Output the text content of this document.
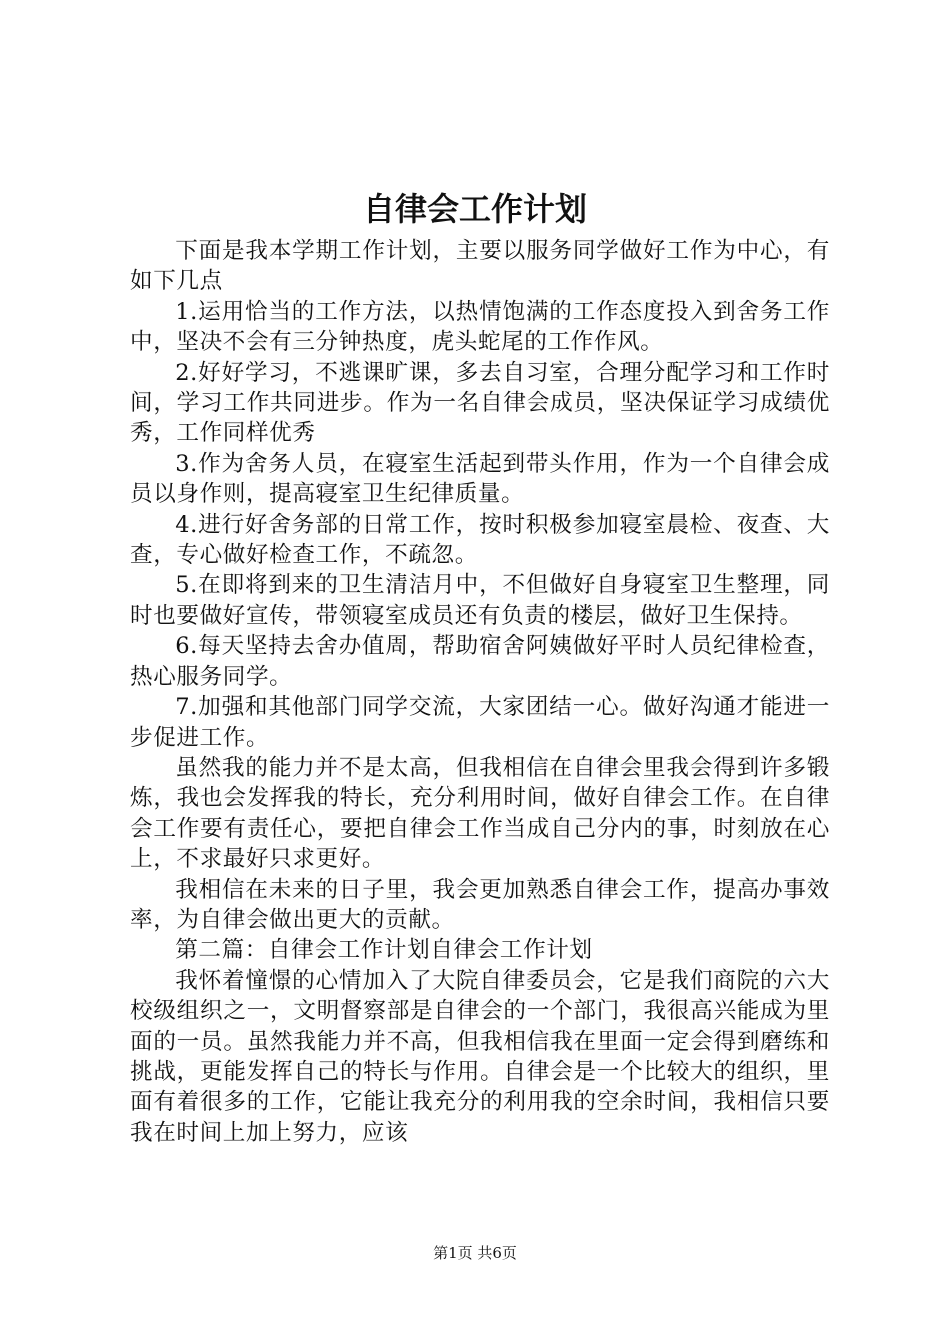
自律会工作计划

下面是我本学期工作计划，主要以服务同学做好工作为中心，有如下几点

1.运用恰当的工作方法，以热情饱满的工作态度投入到舍务工作中，坚决不会有三分钟热度，虎头蛇尾的工作作风。

2.好好学习，不逃课旷课，多去自习室，合理分配学习和工作时间，学习工作共同进步。作为一名自律会成员，坚决保证学习成绩优秀，工作同样优秀

3.作为舍务人员，在寝室生活起到带头作用，作为一个自律会成员以身作则，提高寝室卫生纪律质量。

4.进行好舍务部的日常工作，按时积极参加寝室晨检、夜查、大查，专心做好检查工作，不疏忽。

5.在即将到来的卫生清洁月中，不但做好自身寝室卫生整理，同时也要做好宣传，带领寝室成员还有负责的楼层，做好卫生保持。

6.每天坚持去舍办值周，帮助宿舍阿姨做好平时人员纪律检查，热心服务同学。

7.加强和其他部门同学交流，大家团结一心。做好沟通才能进一步促进工作。

虽然我的能力并不是太高，但我相信在自律会里我会得到许多锻炼，我也会发挥我的特长，充分利用时间，做好自律会工作。在自律会工作要有责任心，要把自律会工作当成自己分内的事，时刻放在心上，不求最好只求更好。

我相信在未来的日子里，我会更加熟悉自律会工作，提高办事效率，为自律会做出更大的贡献。

第二篇：自律会工作计划自律会工作计划

我怀着憧憬的心情加入了大院自律委员会，它是我们商院的六大校级组织之一，文明督察部是自律会的一个部门，我很高兴能成为里面的一员。虽然我能力并不高，但我相信我在里面一定会得到磨练和挑战，更能发挥自己的特长与作用。自律会是一个比较大的组织，里面有着很多的工作，它能让我充分的利用我的空余时间，我相信只要我在时间上加上努力，应该

第1页 共6页
